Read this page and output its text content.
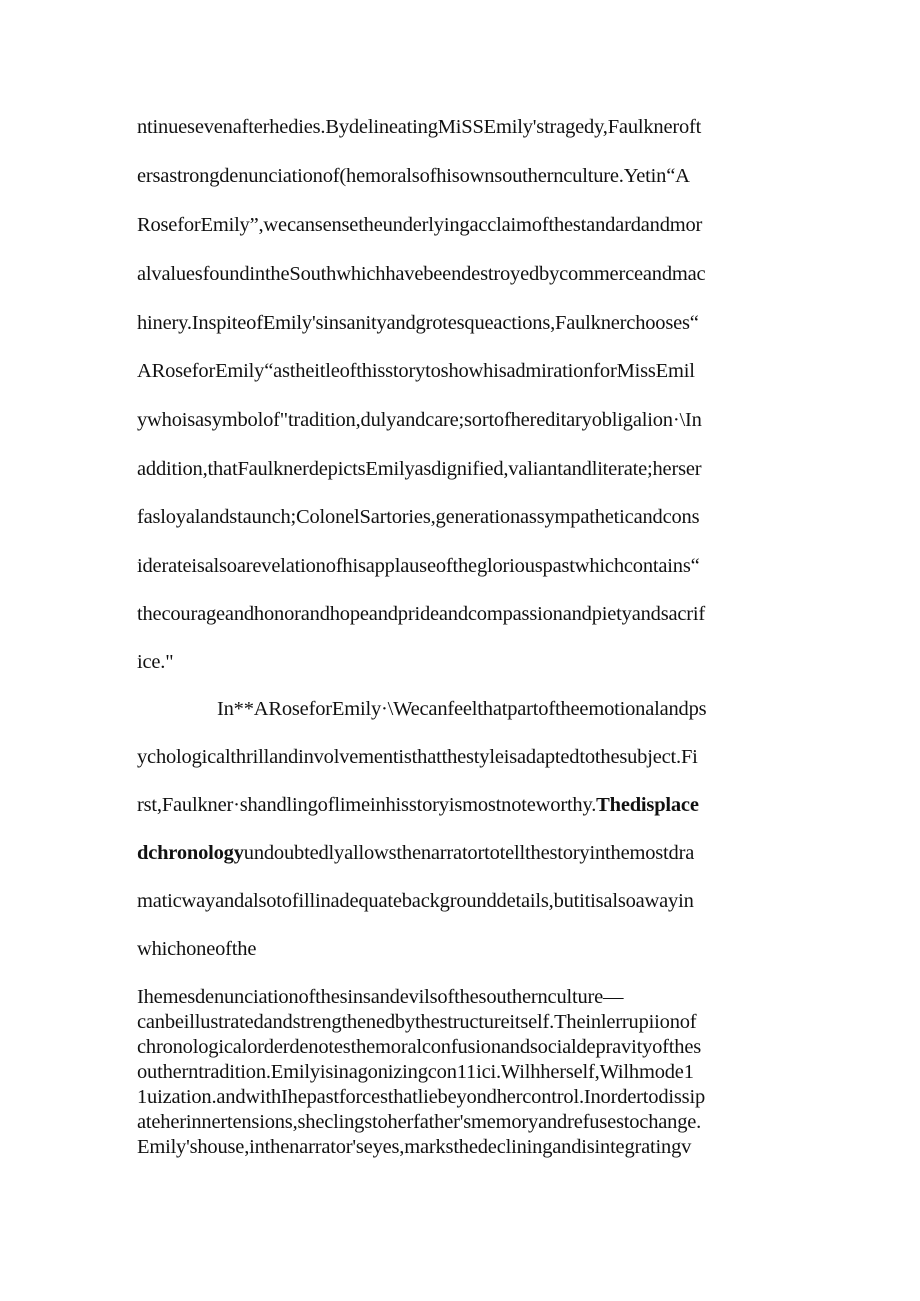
ntinuesevenafterhedies.BydelineatingMiSSEmily'stragedy,Faulkneroft
ersastrongdenunciationof(hemoralsofhisownsouthernculture.Yetin“A
RoseforEmily”,wecansensetheunderlyingacclaimofthestandardandmor
alvaluesfoundintheSouthwhichhavebeendestroyedbycommerceandmac
hinery.InspiteofEmily'sinsanityandgrotesqueactions,Faulknerchooses“
ARoseforEmily“astheitleofthisstorytoshowhisadmirationforMissEmil
ywhoisasymbolof"tradition,dulyandcare;sortofhereditaryobligalion·\In
addition,thatFaulknerdepictsEmilyasdignified,valiantandliterate;herser
fasloyalandstaunch;ColonelSartories,generationassympatheticandcons
iderateisalsoarevelationofhisapplauseofthegloriouspastwhichcontains“
thecourageandhonorandhopeandprideandcompassionandpietyandsacrif
ice."
In**ARoseforEmily·\Wecanfeelthatpartoftheemotionalandps
ychologicalthrillandinvolvementisthatthestyleisadaptedtothesubject.Fi
rst,Faulkner·shandlingoflimeinhisstoryismostnoteworthy.Thedisplace
dchronologyundoubtedlyallowsthenarratortotellthestoryinthemostdra
maticwayandalsotofillinadequatebackgrounddetails,butitisalsoawayin
whichoneofthe
Ihemesdenunciationofthesinsandevilsofthesouthernculture—
canbeillustratedandstrengthenedbythestructureitself.Theinlerrupiionof
chronologicalorderdenotesthemoralconfusionandsocialdepravityofthes
outherntradition.Emilyisinagonizingcon11ici.Wilhherself,Wilhmode1
1uization.andwithIhepastforcesthatliebeyondhercontrol.Inordertodissip
ateherinnertensions,sheclingstoherfather'smemoryandrefusestochange.
Emily'shouse,inthenarrator'seyes,marksthedecliningandisintegratingv
